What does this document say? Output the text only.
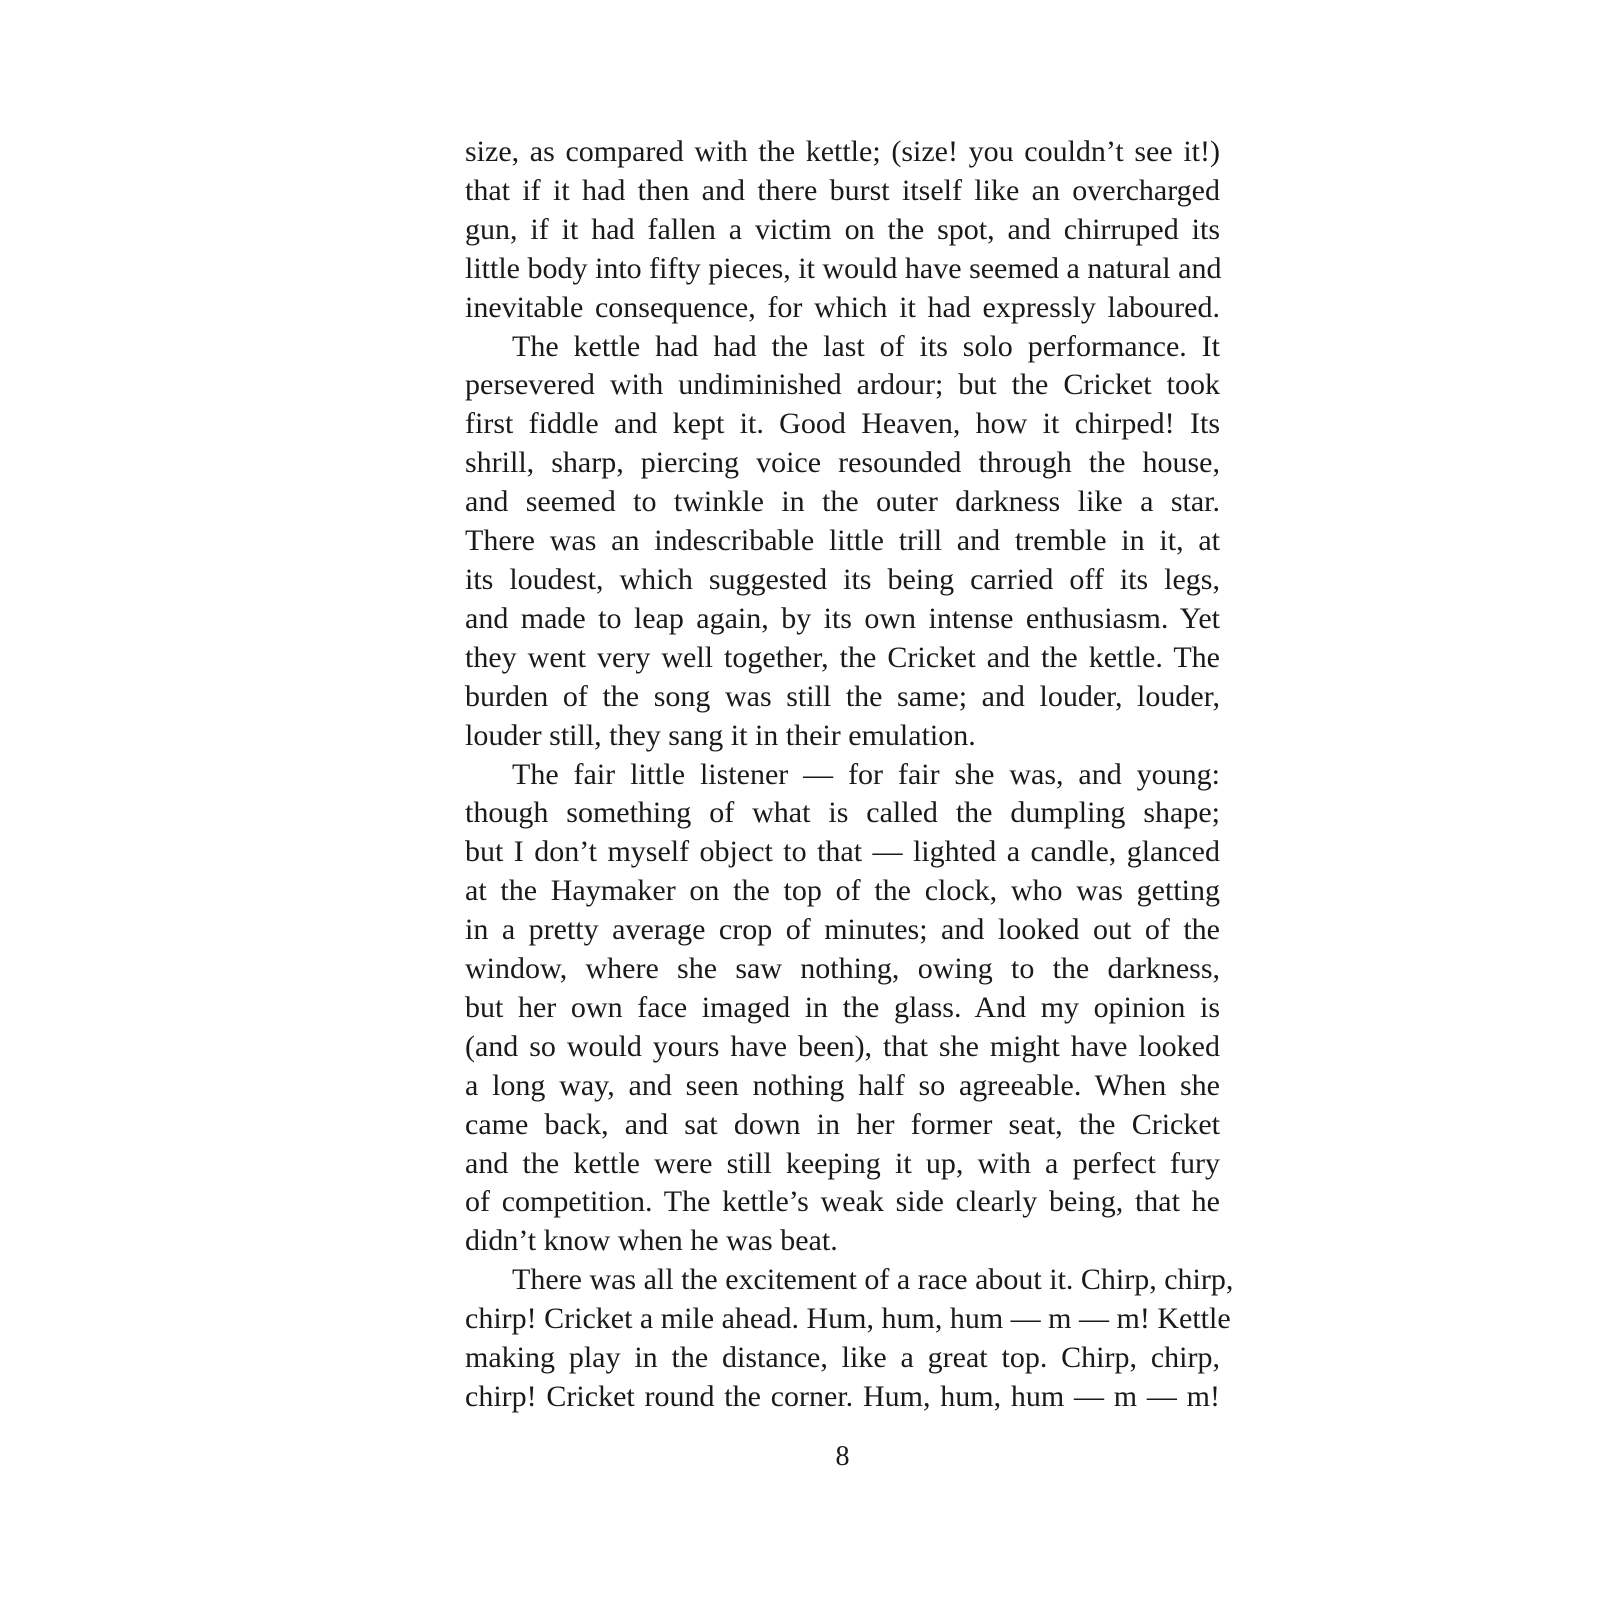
size, as compared with the kettle; (size! you couldn’t see it!)
that if it had then and there burst itself like an overcharged
gun, if it had fallen a victim on the spot, and chirruped its
little body into fifty pieces, it would have seemed a natural and
inevitable consequence, for which it had expressly laboured.
The kettle had had the last of its solo performance. It
persevered with undiminished ardour; but the Cricket took
first fiddle and kept it. Good Heaven, how it chirped! Its
shrill, sharp, piercing voice resounded through the house,
and seemed to twinkle in the outer darkness like a star.
There was an indescribable little trill and tremble in it, at
its loudest, which suggested its being carried off its legs,
and made to leap again, by its own intense enthusiasm. Yet
they went very well together, the Cricket and the kettle. The
burden of the song was still the same; and louder, louder,
louder still, they sang it in their emulation.
The fair little listener — for fair she was, and young:
though something of what is called the dumpling shape;
but I don’t myself object to that — lighted a candle, glanced
at the Haymaker on the top of the clock, who was getting
in a pretty average crop of minutes; and looked out of the
window, where she saw nothing, owing to the darkness,
but her own face imaged in the glass. And my opinion is
(and so would yours have been), that she might have looked
a long way, and seen nothing half so agreeable. When she
came back, and sat down in her former seat, the Cricket
and the kettle were still keeping it up, with a perfect fury
of competition. The kettle’s weak side clearly being, that he
didn’t know when he was beat.
There was all the excitement of a race about it. Chirp, chirp,
chirp! Cricket a mile ahead. Hum, hum, hum — m — m! Kettle
making play in the distance, like a great top. Chirp, chirp,
chirp! Cricket round the corner. Hum, hum, hum — m — m!
8
